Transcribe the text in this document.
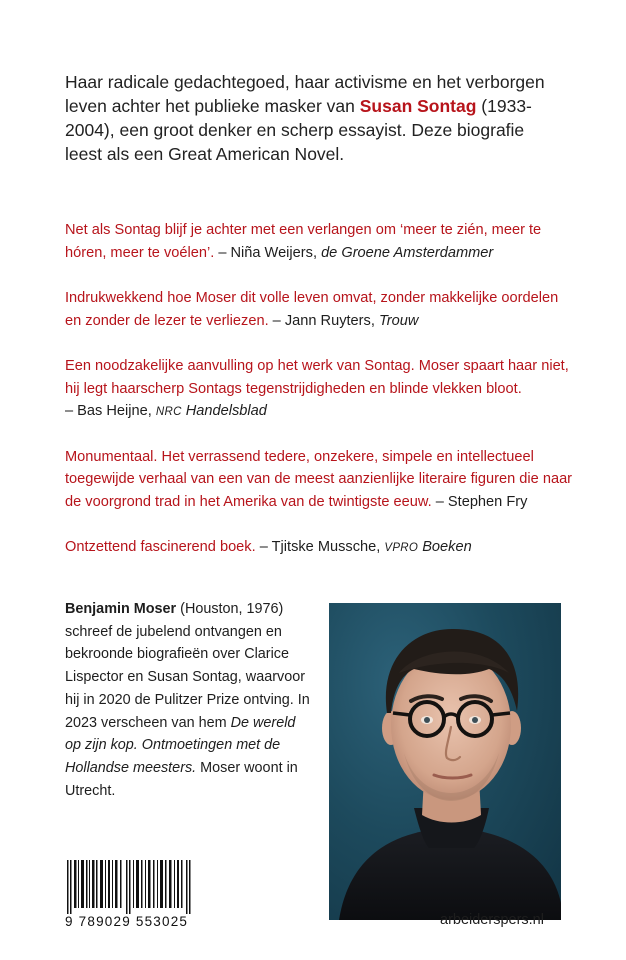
Haar radicale gedachtegoed, haar activisme en het verborgen leven achter het publieke masker van Susan Sontag (1933-2004), een groot denker en scherp essayist. Deze biografie leest als een Great American Novel.

Net als Sontag blijf je achter met een verlangen om ‘meer te zién, meer te hóren, meer te voélen’. – Niña Weijers, de Groene Amsterdammer

Indrukwekkend hoe Moser dit volle leven omvat, zonder makkelijke oordelen en zonder de lezer te verliezen. – Jann Ruyters, Trouw

Een noodzakelijke aanvulling op het werk van Sontag. Moser spaart haar niet, hij legt haarscherp Sontags tegenstrijdigheden en blinde vlekken bloot.
– Bas Heijne, NRC Handelsblad

Monumentaal. Het verrassend tedere, onzekere, simpele en intellectueel toegewijde verhaal van een van de meest aanzienlijke literaire figuren die naar de voorgrond trad in het Amerika van de twintigste eeuw. – Stephen Fry

Ontzettend fascinerend boek. – Tjitske Mussche, VPRO Boeken

Benjamin Moser (Houston, 1976) schreef de jubelend ontvangen en bekroonde biografieën over Clarice Lispector en Susan Sontag, waarvoor hij in 2020 de Pulitzer Prize ontving. In 2023 verscheen van hem De wereld op zijn kop. Ontmoetingen met de Hollandse meesters. Moser woont in Utrecht.
9 789029 553025	arbeiderspers.nl
